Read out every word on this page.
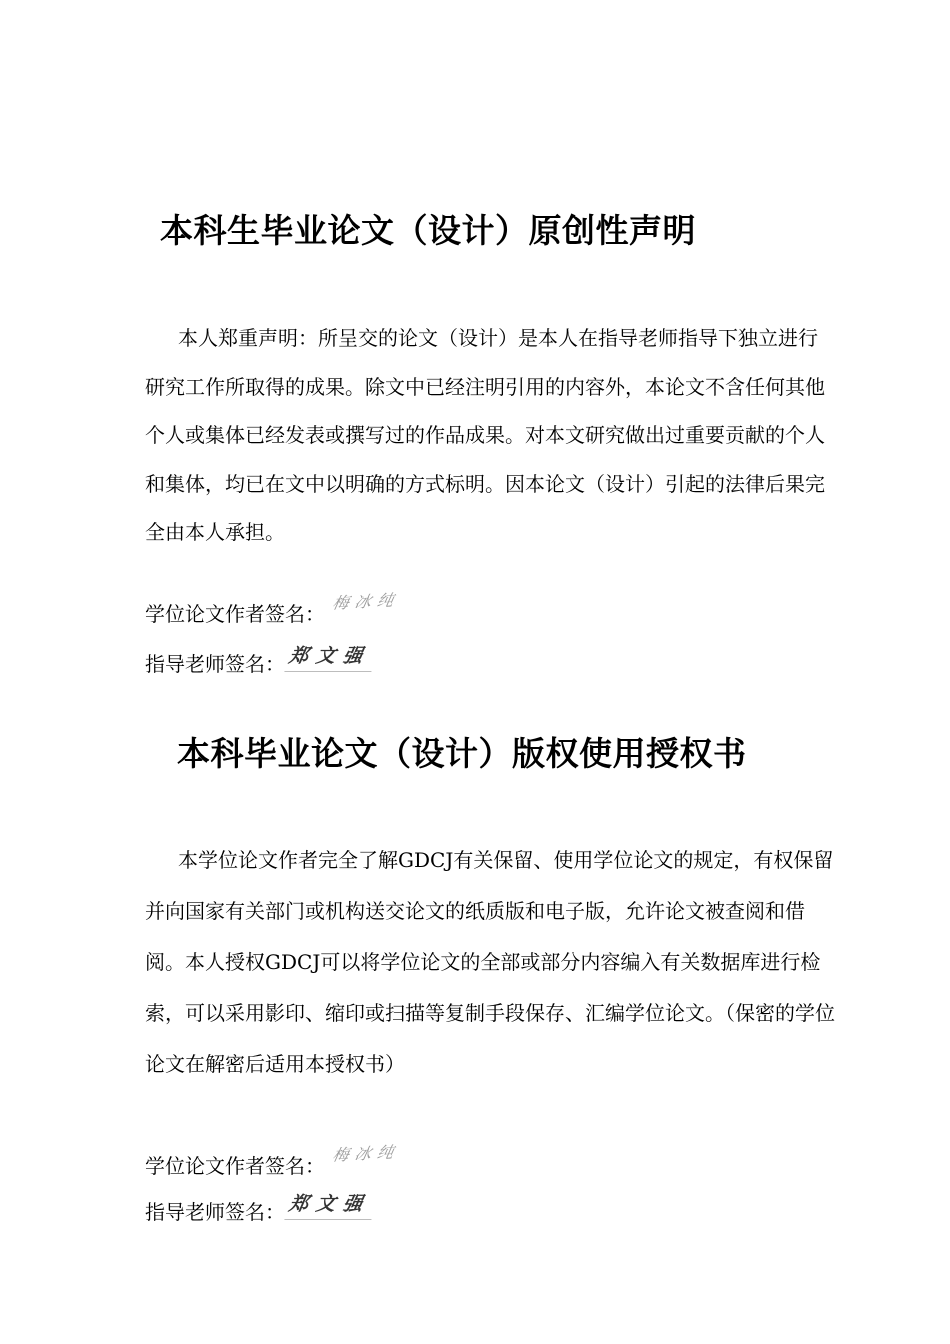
本科生毕业论文（设计）原创性声明

本人郑重声明：所呈交的论文（设计）是本人在指导老师指导下独立进行研究工作所取得的成果。除文中已经注明引用的内容外，本论文不含任何其他个人或集体已经发表或撰写过的作品成果。对本文研究做出过重要贡献的个人和集体，均已在文中以明确的方式标明。因本论文（设计）引起的法律后果完全由本人承担。

学位论文作者签名：
梅冰纯
指导老师签名： 郑文强
本科毕业论文（设计）版权使用授权书

本学位论文作者完全了解GDCJ有关保留、使用学位论文的规定，有权保留并向国家有关部门或机构送交论文的纸质版和电子版，允许论文被查阅和借阅。本人授权GDCJ可以将学位论文的全部或部分内容编入有关数据库进行检索，可以采用影印、缩印或扫描等复制手段保存、汇编学位论文。（保密的学位论文在解密后适用本授权书）

学位论文作者签名：
梅冰纯
指导老师签名： 郑文强
